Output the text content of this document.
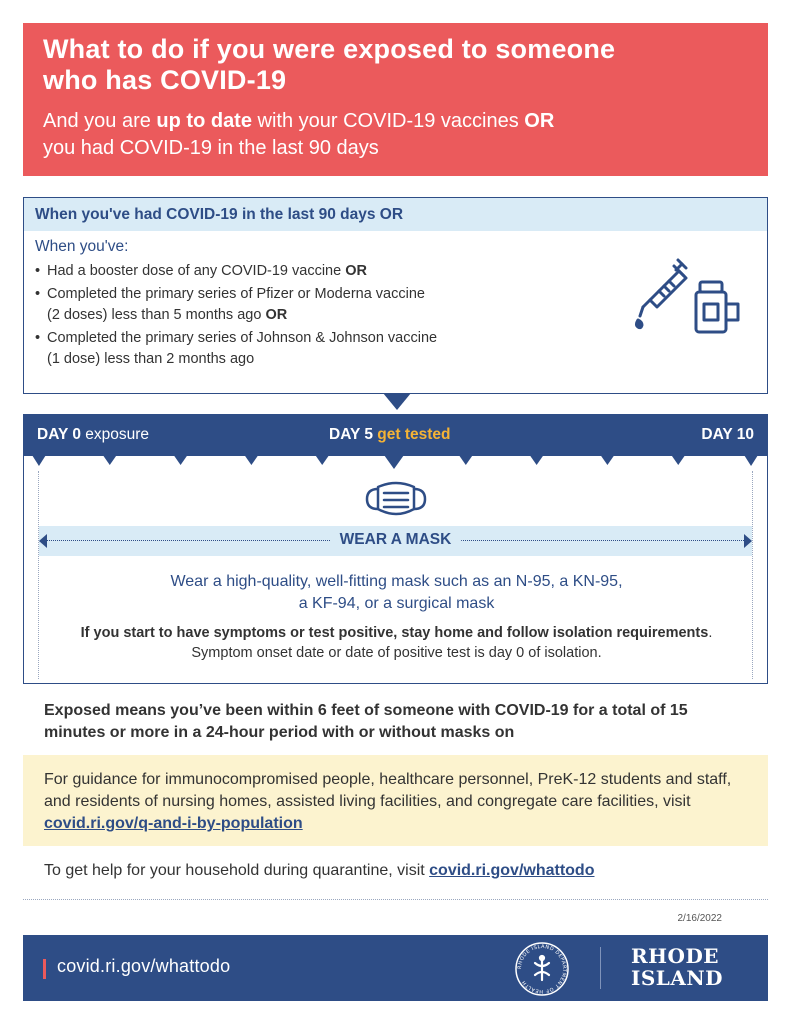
What to do if you were exposed to someone
who has COVID-19
And you are up to date with your COVID-19 vaccines OR
you had COVID-19 in the last 90 days
When you've had COVID-19 in the last 90 days OR
When you've:
• Had a booster dose of any COVID-19 vaccine OR
• Completed the primary series of Pfizer or Moderna vaccine
(2 doses) less than 5 months ago OR
• Completed the primary series of Johnson & Johnson vaccine
(1 dose) less than 2 months ago
DAY 0 exposure	DAY 5 get tested	DAY 10
WEAR A MASK
Wear a high-quality, well-fitting mask such as an N-95, a KN-95,
a KF-94, or a surgical mask
If you start to have symptoms or test positive, stay home and follow isolation requirements. Symptom onset date or date of positive test is day 0 of isolation.
Exposed means you’ve been within 6 feet of someone with COVID-19 for a total of 15 minutes or more in a 24-hour period with or without masks on
For guidance for immunocompromised people, healthcare personnel, PreK-12 students and staff, and residents of nursing homes, assisted living facilities, and congregate care facilities, visit covid.ri.gov/q-and-i-by-population
To get help for your household during quarantine, visit covid.ri.gov/whattodo
2/16/2022
covid.ri.gov/whattodo	RHODE ISLAND DEPARTMENT OF HEALTH
RHODE
ISLAND
